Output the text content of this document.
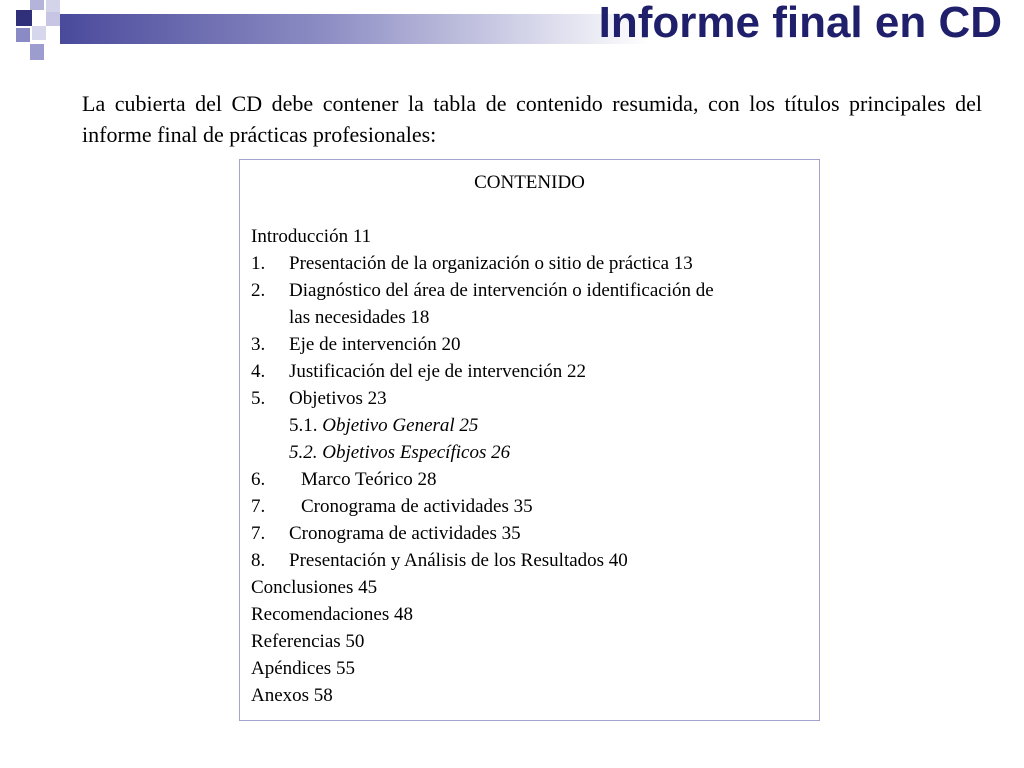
Informe final en CD

La cubierta del CD debe contener la tabla de contenido resumida, con los títulos principales del informe final de prácticas profesionales:

CONTENIDO
Introducción 11
1. Presentación de la organización o sitio de práctica 13
2. Diagnóstico del área de intervención o identificación de
las necesidades 18
3. Eje de intervención 20
4. Justificación del eje de intervención 22
5. Objetivos 23
5.1. Objetivo General 25
5.2. Objetivos Específicos 26
6. Marco Teórico 28
7. Cronograma de actividades 35
7. Cronograma de actividades 35
8. Presentación y Análisis de los Resultados 40
Conclusiones 45
Recomendaciones 48
Referencias 50
Apéndices 55
Anexos 58
